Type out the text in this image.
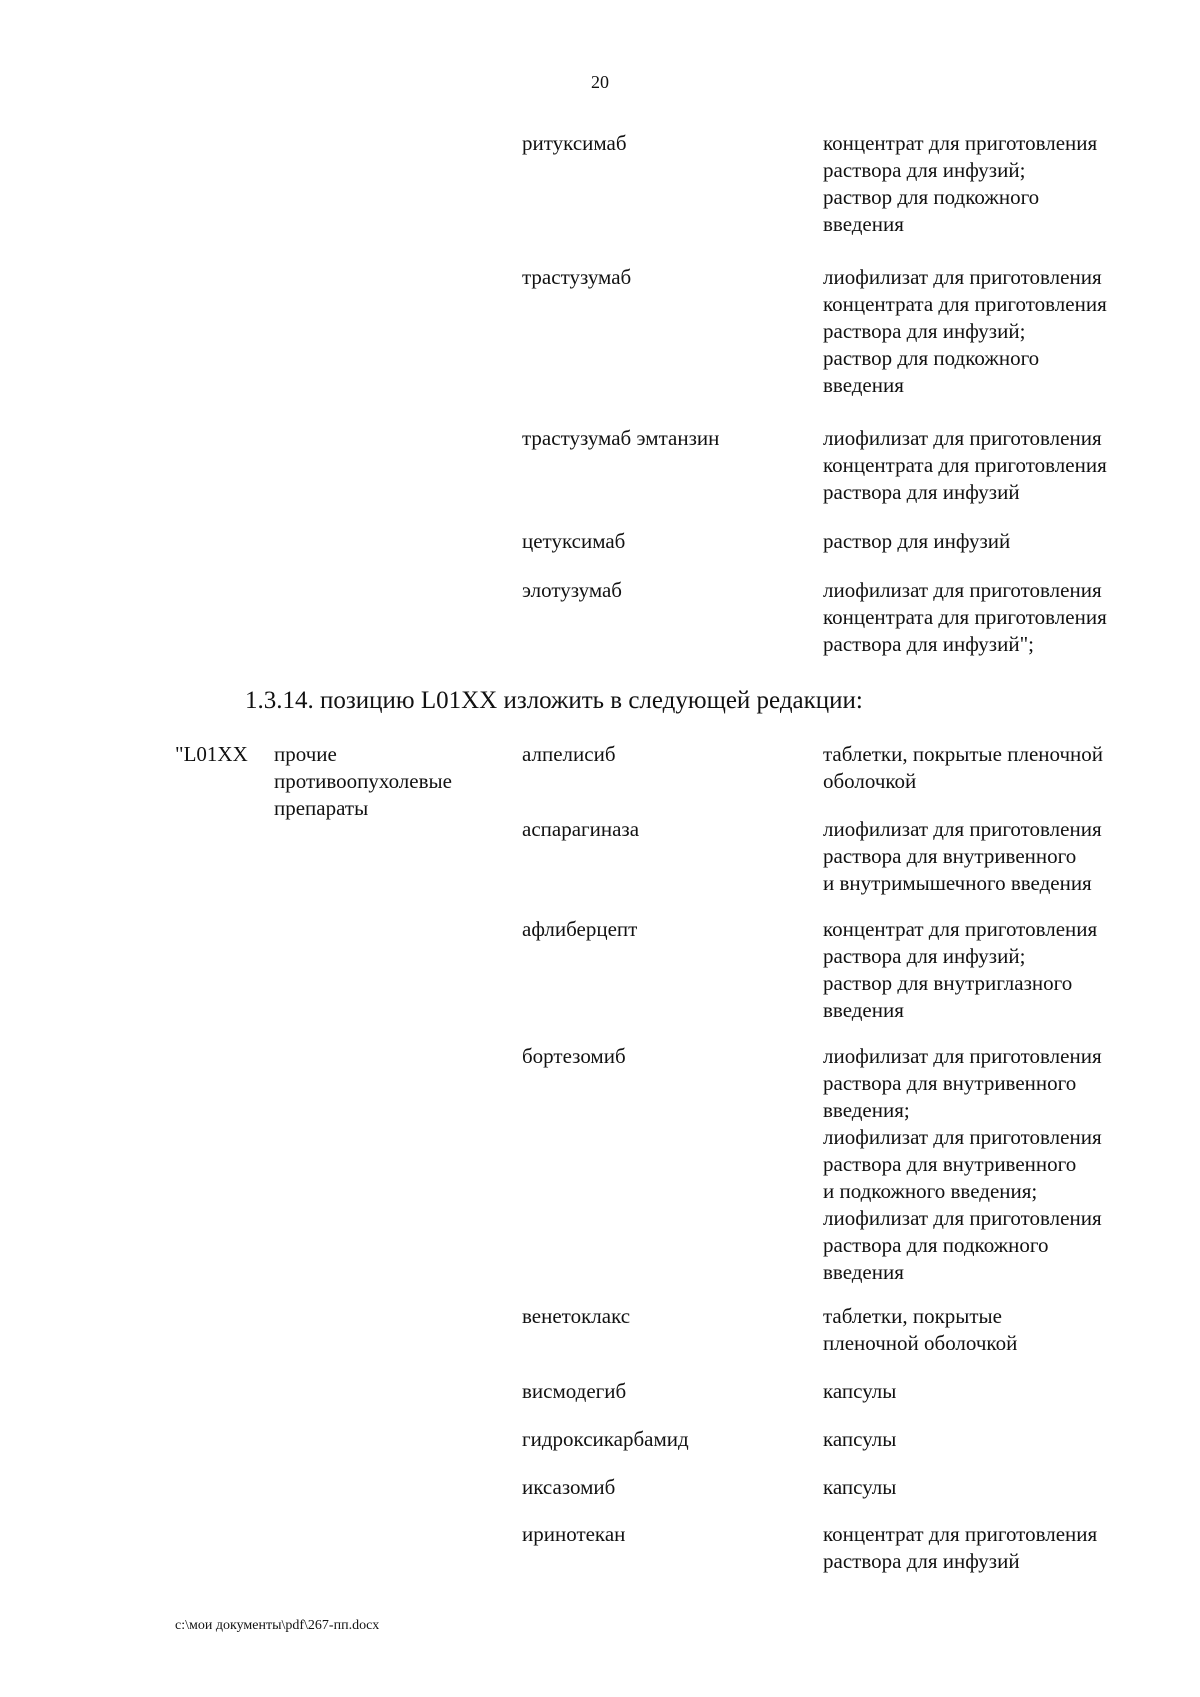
20
ритуксимаб	концентрат для приготовления
раствора для инфузий;
раствор для подкожного
введения
трастузумаб	лиофилизат для приготовления
концентрата для приготовления
раствора для инфузий;
раствор для подкожного
введения
трастузумаб эмтанзин	лиофилизат для приготовления
концентрата для приготовления
раствора для инфузий
цетуксимаб	раствор для инфузий
элотузумаб	лиофилизат для приготовления
концентрата для приготовления
раствора для инфузий";
1.3.14. позицию L01XX изложить в следующей редакции:
"L01XX прочие
противоопухолевые
препараты
алпелисиб	таблетки, покрытые пленочной
оболочкой
аспарагиназа	лиофилизат для приготовления
раствора для внутривенного
и внутримышечного введения
афлиберцепт	концентрат для приготовления
раствора для инфузий;
раствор для внутриглазного
введения
бортезомиб	лиофилизат для приготовления
раствора для внутривенного
введения;
лиофилизат для приготовления
раствора для внутривенного
и подкожного введения;
лиофилизат для приготовления
раствора для подкожного
введения
венетоклакс	таблетки, покрытые
пленочной оболочкой
висмодегиб	капсулы
гидроксикарбамид	капсулы
иксазомиб	капсулы
иринотекан	концентрат для приготовления
раствора для инфузий
c:\мои документы\pdf\267-пп.docx
